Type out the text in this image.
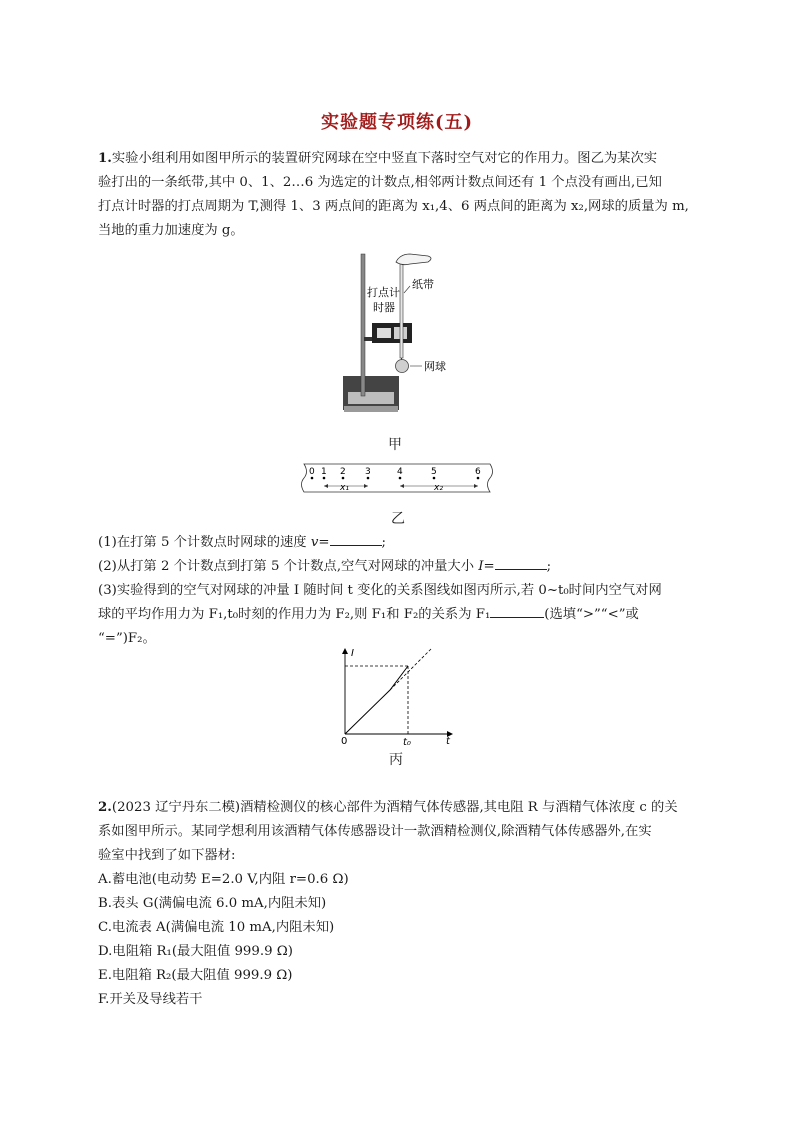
实验题专项练(五)
1.实验小组利用如图甲所示的装置研究网球在空中竖直下落时空气对它的作用力。图乙为某次实
验打出的一条纸带,其中 0、1、2…6 为选定的计数点,相邻两计数点间还有 1 个点没有画出,已知
打点计时器的打点周期为 T,测得 1、3 两点间的距离为 x₁,4、6 两点间的距离为 x₂,网球的质量为 m,
当地的重力加速度为 g。
打点计
时器
纸带
网球
甲
0 1 2 3	4	5	6
x₁	x₂
乙
(1)在打第 5 个计数点时网球的速度 v=	;
(2)从打第 2 个计数点到打第 5 个计数点,空气对网球的冲量大小 I=	;
(3)实验得到的空气对网球的冲量 I 随时间 t 变化的关系图线如图丙所示,若 0~t₀时间内空气对网
球的平均作用力为 F₁,t₀时刻的作用力为 F₂,则 F₁和 F₂的关系为 F₁	(选填“>”“<”或
“=”)F₂。
I
t
0	t₀
丙
2.(2023 辽宁丹东二模)酒精检测仪的核心部件为酒精气体传感器,其电阻 R 与酒精气体浓度 c 的关
系如图甲所示。某同学想利用该酒精气体传感器设计一款酒精检测仪,除酒精气体传感器外,在实
验室中找到了如下器材:
A.蓄电池(电动势 E=2.0 V,内阻 r=0.6 Ω)
B.表头 G(满偏电流 6.0 mA,内阻未知)
C.电流表 A(满偏电流 10 mA,内阻未知)
D.电阻箱 R₁(最大阻值 999.9 Ω)
E.电阻箱 R₂(最大阻值 999.9 Ω)
F.开关及导线若干
